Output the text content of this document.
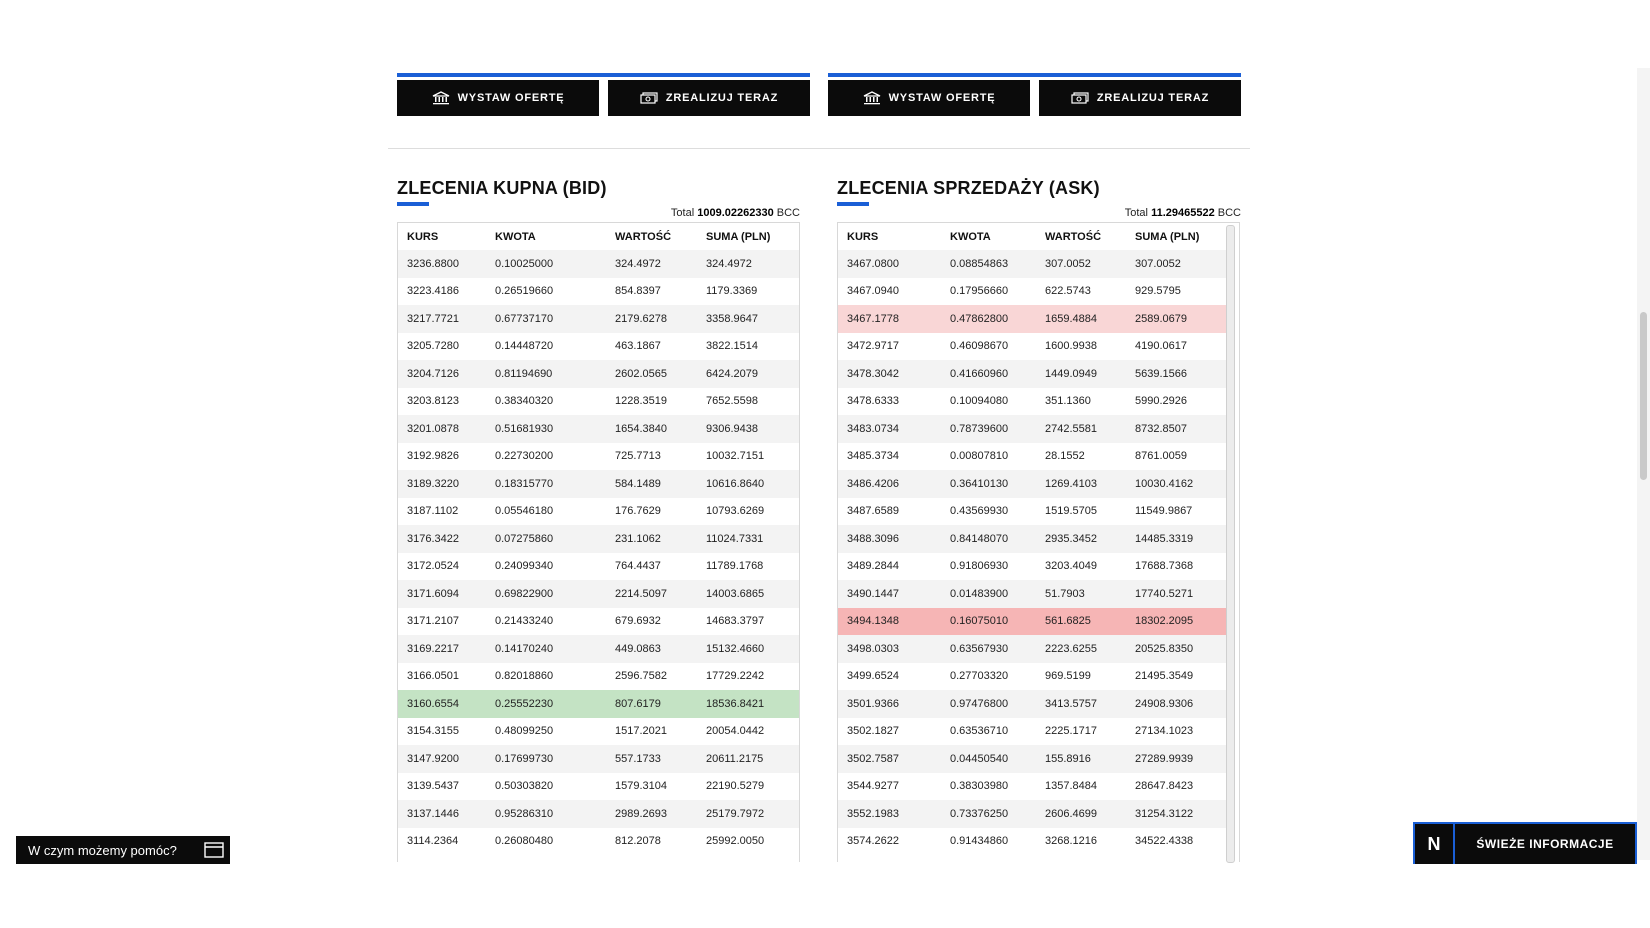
WYSTAW OFERTĘ	ZREALIZUJ TERAZ	WYSTAW OFERTĘ	ZREALIZUJ TERAZ
ZLECENIA KUPNA (BID)
Total 1009.02262330 BCC
KURS	KWOTA	WARTOŚĆ	SUMA (PLN)
3236.8800	0.10025000	324.4972	324.4972
3223.4186	0.26519660	854.8397	1179.3369
3217.7721	0.67737170	2179.6278	3358.9647
3205.7280	0.14448720	463.1867	3822.1514
3204.7126	0.81194690	2602.0565	6424.2079
3203.8123	0.38340320	1228.3519	7652.5598
3201.0878	0.51681930	1654.3840	9306.9438
3192.9826	0.22730200	725.7713	10032.7151
3189.3220	0.18315770	584.1489	10616.8640
3187.1102	0.05546180	176.7629	10793.6269
3176.3422	0.07275860	231.1062	11024.7331
3172.0524	0.24099340	764.4437	11789.1768
3171.6094	0.69822900	2214.5097	14003.6865
3171.2107	0.21433240	679.6932	14683.3797
3169.2217	0.14170240	449.0863	15132.4660
3166.0501	0.82018860	2596.7582	17729.2242
3160.6554	0.25552230	807.6179	18536.8421
3154.3155	0.48099250	1517.2021	20054.0442
3147.9200	0.17699730	557.1733	20611.2175
3139.5437	0.50303820	1579.3104	22190.5279
3137.1446	0.95286310	2989.2693	25179.7972
3114.2364	0.26080480	812.2078	25992.0050
ZLECENIA SPRZEDAŻY (ASK)
Total 11.29465522 BCC
KURS	KWOTA	WARTOŚĆ	SUMA (PLN)
3467.0800	0.08854863	307.0052	307.0052
3467.0940	0.17956660	622.5743	929.5795
3467.1778	0.47862800	1659.4884	2589.0679
3472.9717	0.46098670	1600.9938	4190.0617
3478.3042	0.41660960	1449.0949	5639.1566
3478.6333	0.10094080	351.1360	5990.2926
3483.0734	0.78739600	2742.5581	8732.8507
3485.3734	0.00807810	28.1552	8761.0059
3486.4206	0.36410130	1269.4103	10030.4162
3487.6589	0.43569930	1519.5705	11549.9867
3488.3096	0.84148070	2935.3452	14485.3319
3489.2844	0.91806930	3203.4049	17688.7368
3490.1447	0.01483900	51.7903	17740.5271
3494.1348	0.16075010	561.6825	18302.2095
3498.0303	0.63567930	2223.6255	20525.8350
3499.6524	0.27703320	969.5199	21495.3549
3501.9366	0.97476800	3413.5757	24908.9306
3502.1827	0.63536710	2225.1717	27134.1023
3502.7587	0.04450540	155.8916	27289.9939
3544.9277	0.38303980	1357.8484	28647.8423
3552.1983	0.73376250	2606.4699	31254.3122
3574.2622	0.91434860	3268.1216	34522.4338
W czym możemy pomóc?	N	ŚWIEŻE INFORMACJE
